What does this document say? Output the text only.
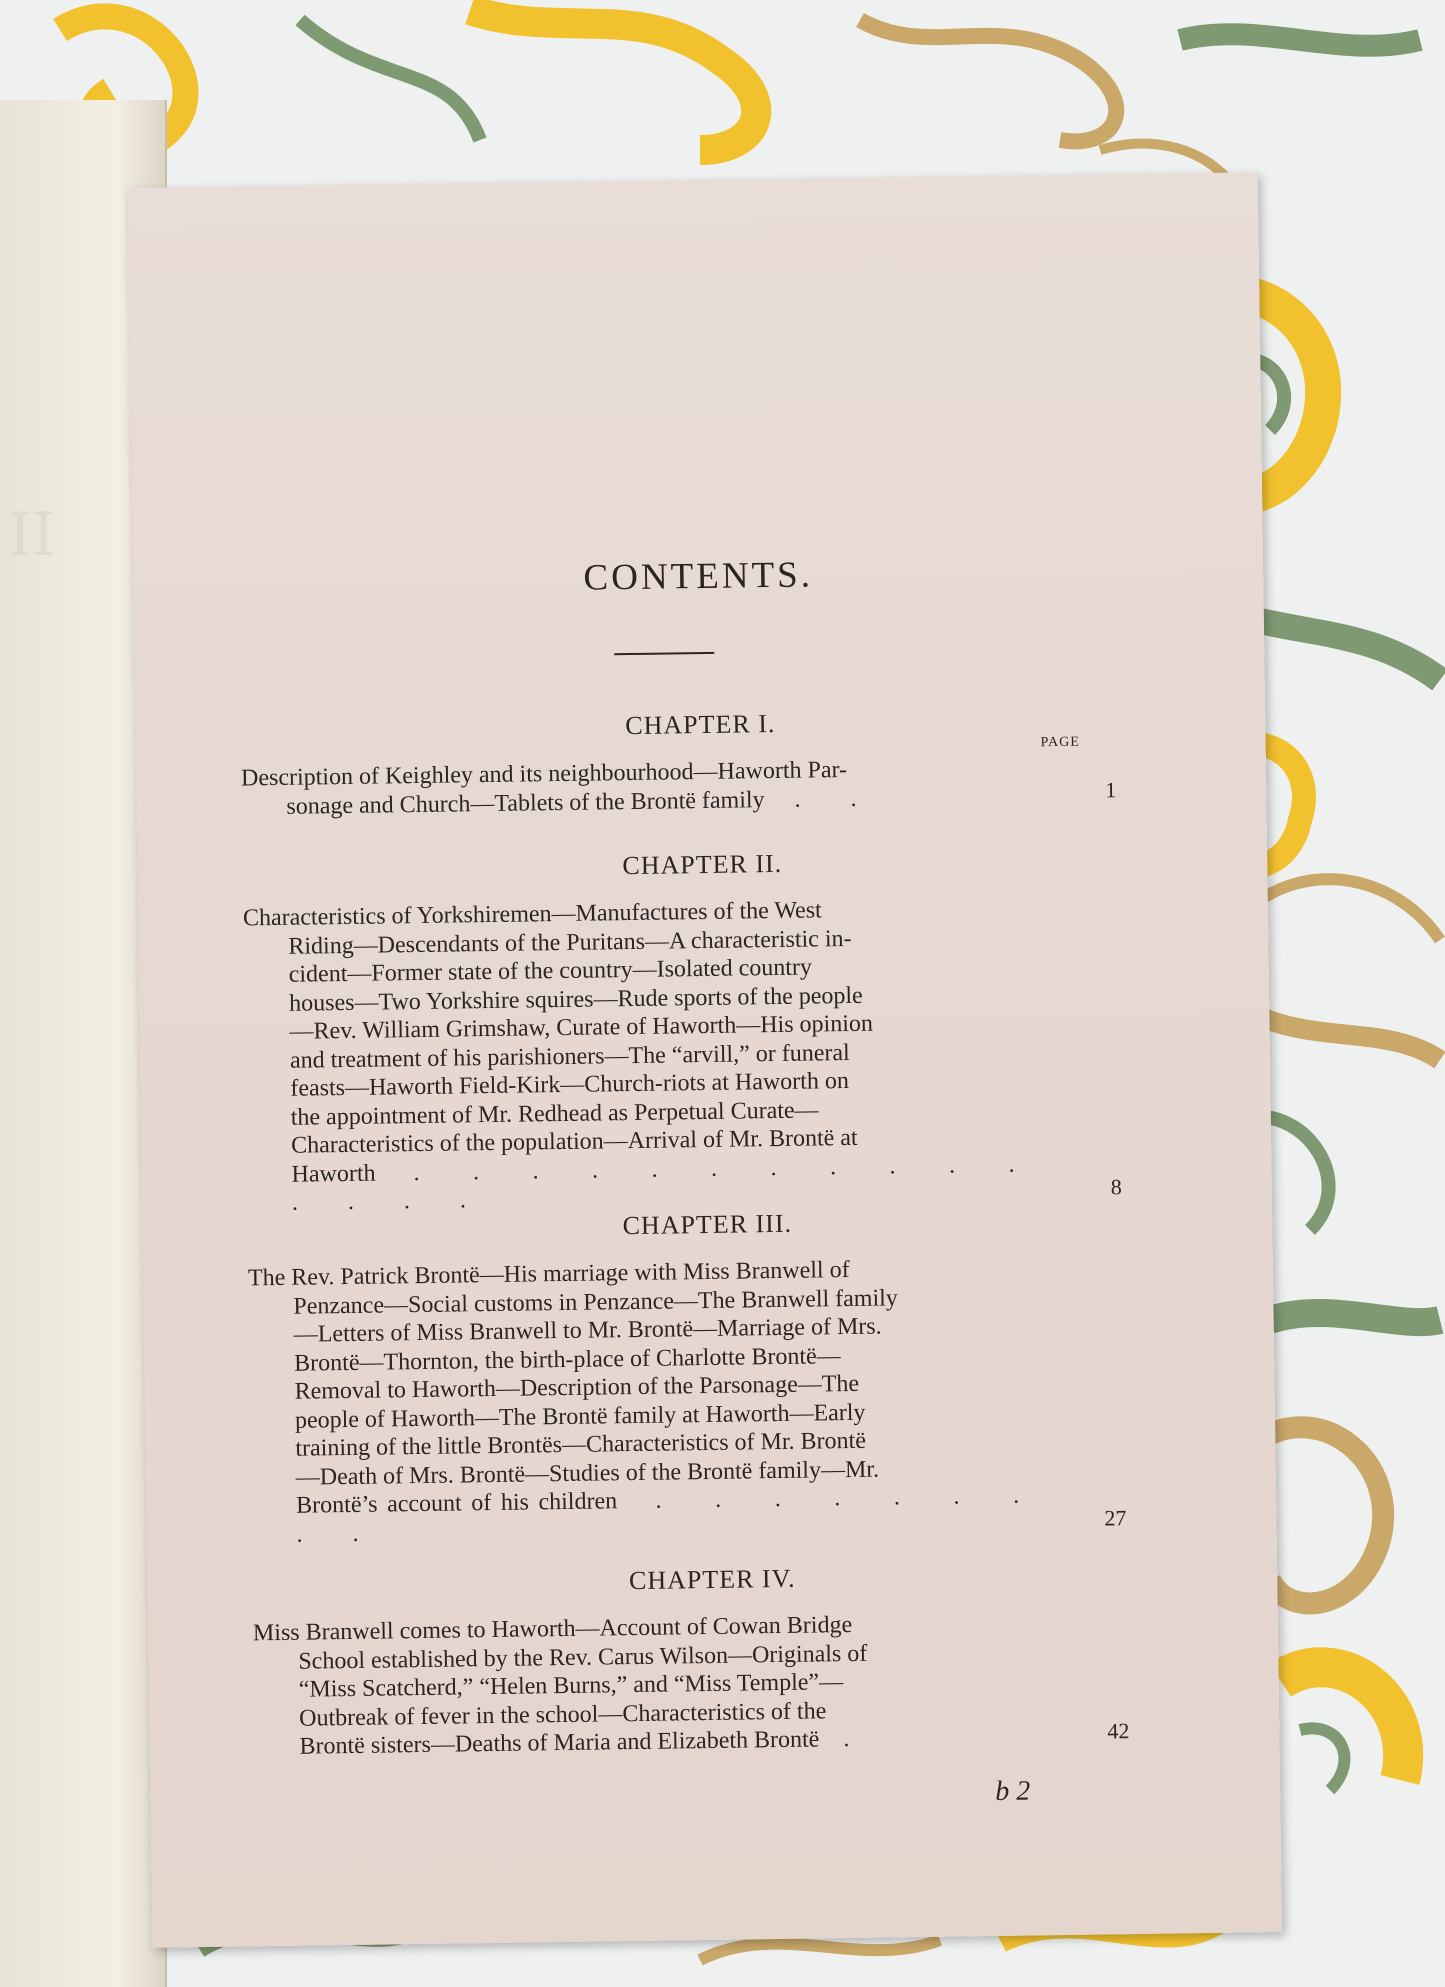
II
CONTENTS.
PAGE
CHAPTER I.
Description of Keighley and its neighbourhood—Haworth Par-
sonage and Church—Tablets of the Brontë family . .	1
CHAPTER II.
Characteristics of Yorkshiremen—Manufactures of the West
Riding—Descendants of the Puritans—A characteristic in-
cident—Former state of the country—Isolated country
houses—Two Yorkshire squires—Rude sports of the people
—Rev. William Grimshaw, Curate of Haworth—His opinion
and treatment of his parishioners—The “arvill,” or funeral
feasts—Haworth Field-Kirk—Church-riots at Haworth on
the appointment of Mr. Redhead as Perpetual Curate—
Characteristics of the population—Arrival of Mr. Brontë at
Haworth . . . . . . . . . . . . . . .
8
CHAPTER III.
The Rev. Patrick Brontë—His marriage with Miss Branwell of
Penzance—Social customs in Penzance—The Branwell family
—Letters of Miss Branwell to Mr. Brontë—Marriage of Mrs.
Brontë—Thornton, the birth-place of Charlotte Brontë—
Removal to Haworth—Description of the Parsonage—The
people of Haworth—The Brontë family at Haworth—Early
training of the little Brontës—Characteristics of Mr. Brontë
—Death of Mrs. Brontë—Studies of the Brontë family—Mr.
Brontë’s account of his children . . . . . . . . .
27
CHAPTER IV.
Miss Branwell comes to Haworth—Account of Cowan Bridge
School established by the Rev. Carus Wilson—Originals of
“Miss Scatcherd,” “Helen Burns,” and “Miss Temple”—
Outbreak of fever in the school—Characteristics of the
Brontë sisters—Deaths of Maria and Elizabeth Brontë .	42
b 2
